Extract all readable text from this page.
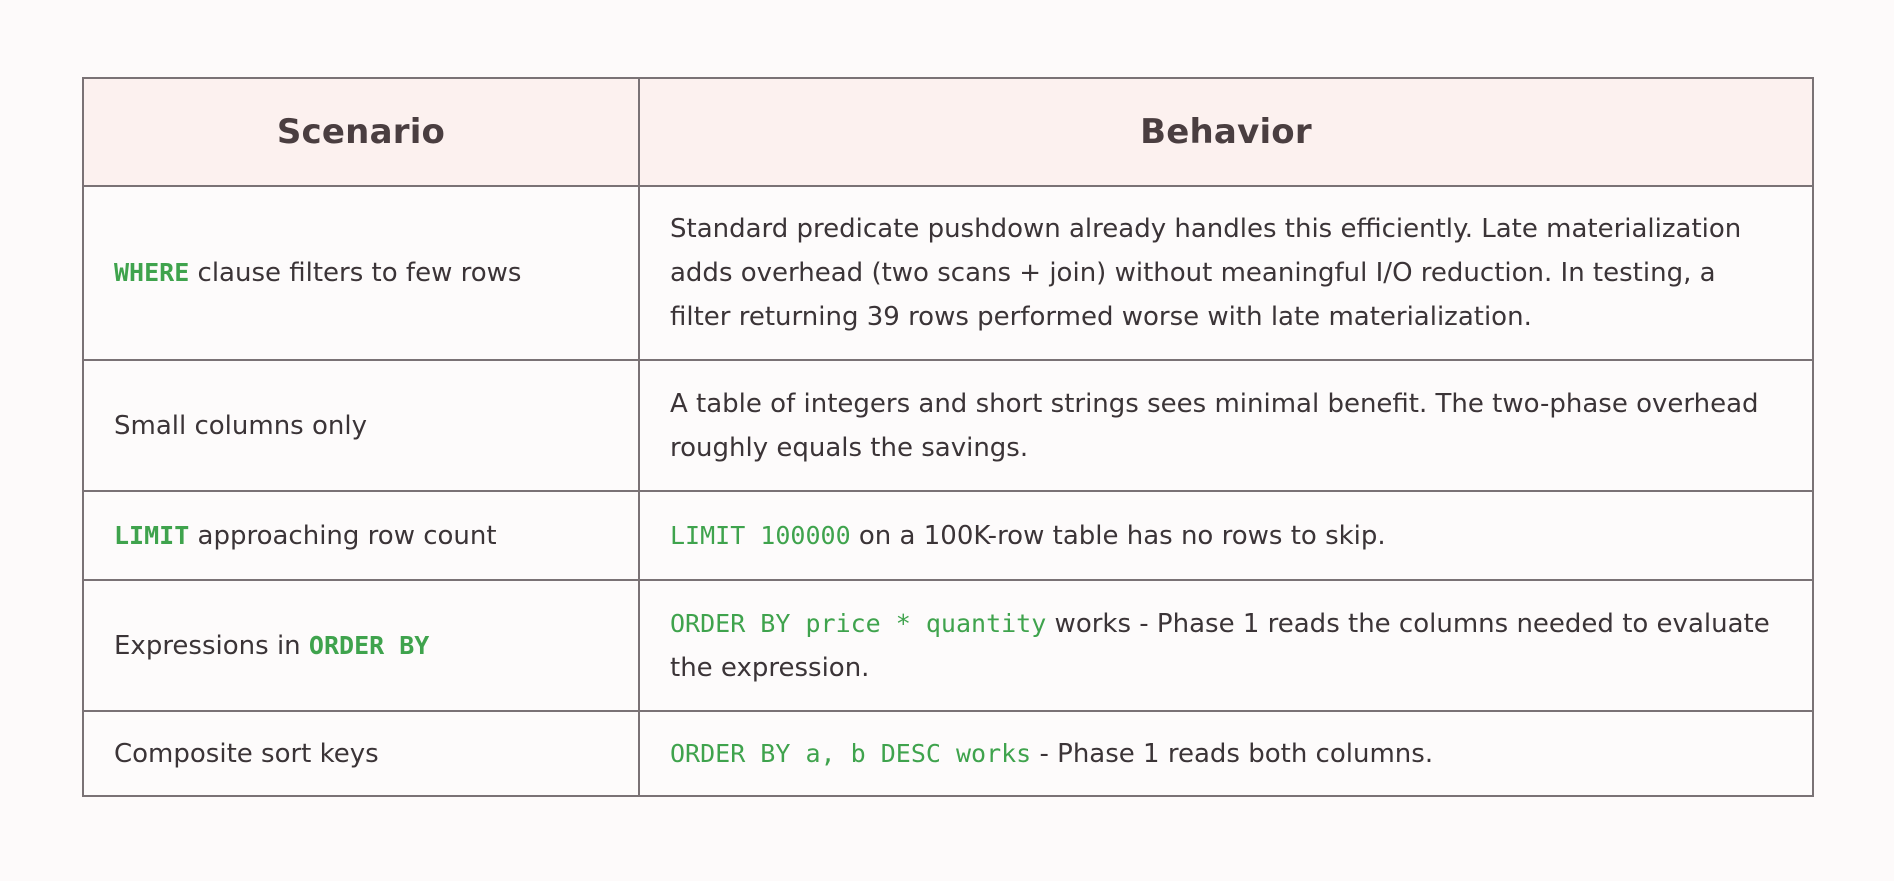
Scenario	Behavior
WHERE clause filters to few rows	Standard predicate pushdown already handles this efficiently. Late materialization adds overhead (two scans + join) without meaningful I/O reduction. In testing, a filter returning 39 rows performed worse with late materialization.
Small columns only	A table of integers and short strings sees minimal benefit. The two-phase overhead roughly equals the savings.
LIMIT approaching row count	LIMIT 100000 on a 100K-row table has no rows to skip.
Expressions in ORDER BY	ORDER BY price * quantity works - Phase 1 reads the columns needed to evaluate the expression.
Composite sort keys	ORDER BY a, b DESC works - Phase 1 reads both columns.
